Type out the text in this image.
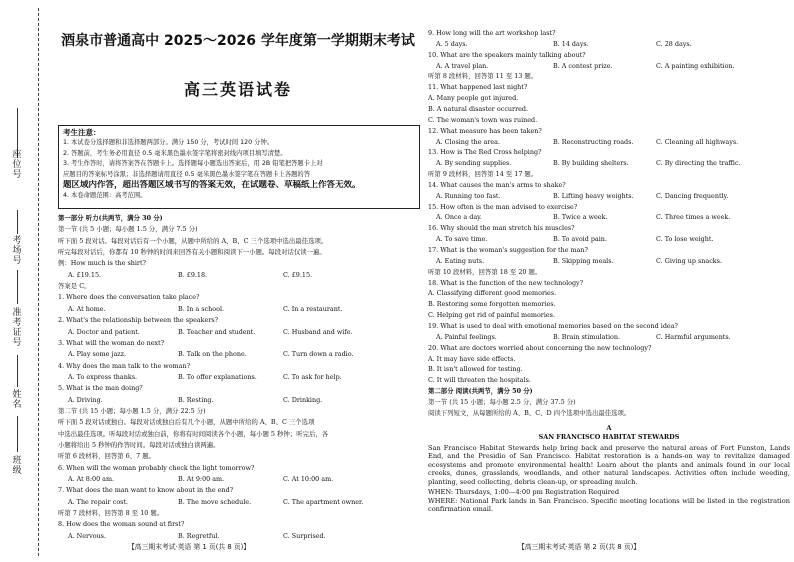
座位号
考场号
准考证号
姓名
班级
酒泉市普通高中 2025～2026 学年度第一学期期末考试
高三英语试卷
考生注意：
1. 本试卷分选择题和非选择题两部分。满分 150 分，考试时间 120 分钟。
2. 答题前，考生务必用直径 0.5 毫米黑色墨水签字笔将密封线内项目填写清楚。
3. 考生作答时，请将答案答在答题卡上。选择题每小题选出答案后，用 2B 铅笔把答题卡上对
应题目的答案标号涂黑；非选择题请用直径 0.5 毫米黑色墨水签字笔在答题卡上各题的答
题区域内作答，超出答题区域书写的答案无效，在试题卷、草稿纸上作答无效。
4. 本卷命题范围：高考范围。
第一部分 听力(共两节，满分 30 分)
第一节 (共 5 小题；每小题 1.5 分，满分 7.5 分)
听下面 5 段对话。每段对话后有一个小题，从题中所给的 A、B、C 三个选项中选出最佳选项。
听完每段对话后，你都有 10 秒钟的时间来回答有关小题和阅读下一小题。每段对话仅读一遍。
例：How much is the shirt?
A. £19.15.	B. £9.18.	C. £9.15.
答案是 C。
1. Where does the conversation take place?
A. At home.	B. In a school.	C. In a restaurant.
2. What's the relationship between the speakers?
A. Doctor and patient.	B. Teacher and student.	C. Husband and wife.
3. What will the woman do next?
A. Play some jazz.	B. Talk on the phone.	C. Turn down a radio.
4. Why does the man talk to the woman?
A. To express thanks.	B. To offer explanations.	C. To ask for help.
5. What is the man doing?
A. Driving.	B. Resting.	C. Drinking.
第二节 (共 15 小题；每小题 1.5 分，满分 22.5 分)
听下面 5 段对话或独白。每段对话或独白后有几个小题，从题中所给的 A、B、C 三个选项
中选出最佳选项。听每段对话或独白前，你将有时间阅读各个小题，每小题 5 秒钟；听完后，各
小题将给出 5 秒钟的作答时间。每段对话或独白读两遍。
听第 6 段材料，回答第 6、7 题。
6. When will the woman probably check the light tomorrow?
A. At 8:00 am.	B. At 9:00 am.	C. At 10:00 am.
7. What does the man want to know about in the end?
A. The repair cost.	B. The move schedule.	C. The apartment owner.
听第 7 段材料，回答第 8 至 10 题。
8. How does the woman sound at first?
A. Nervous.	B. Regretful.	C. Surprised.
【高三期末考试·英语 第 1 页(共 8 页)】
9. How long will the art workshop last?
A. 5 days.	B. 14 days.	C. 28 days.
10. What are the speakers mainly talking about?
A. A travel plan.	B. A contest prize.	C. A painting exhibition.
听第 8 段材料，回答第 11 至 13 题。
11. What happened last night?
A. Many people got injured.
B. A natural disaster occurred.
C. The woman's town was ruined.
12. What measure has been taken?
A. Closing the area.	B. Reconstructing roads.	C. Cleaning all highways.
13. How is The Red Cross helping?
A. By sending supplies.	B. By building shelters.	C. By directing the traffic.
听第 9 段材料，回答第 14 至 17 题。
14. What causes the man's arms to shake?
A. Running too fast.	B. Lifting heavy weights.	C. Dancing frequently.
15. How often is the man advised to exercise?
A. Once a day.	B. Twice a week.	C. Three times a week.
16. Why should the man stretch his muscles?
A. To save time.	B. To avoid pain.	C. To lose weight.
17. What is the woman's suggestion for the man?
A. Eating nuts.	B. Skipping meals.	C. Giving up snacks.
听第 10 段材料，回答第 18 至 20 题。
18. What is the function of the new technology?
A. Classifying different good memories.
B. Restoring some forgotten memories.
C. Helping get rid of painful memories.
19. What is used to deal with emotional memories based on the second idea?
A. Painful feelings.	B. Brain stimulation.	C. Harmful arguments.
20. What are doctors worried about concerning the new technology?
A. It may have side effects.
B. It isn't allowed for testing.
C. It will threaten the hospitals.
第二部分 阅读(共两节，满分 50 分)
第一节 (共 15 小题；每小题 2.5 分，满分 37.5 分)
阅读下列短文，从每题所给的 A、B、C、D 四个选项中选出最佳选项。
A
SAN FRANCISCO HABITAT STEWARDS
San Francisco Habitat Stewards help bring back and preserve the natural areas of Fort Funston, Lands End, and the Presidio of San Francisco. Habitat restoration is a hands-on way to revitalize damaged ecosystems and promote environmental health! Learn about the plants and animals found in our local creeks, dunes, grasslands, woodlands, and other natural landscapes. Activities often include weeding, planting, seed collecting, debris clean-up, or spreading mulch.
WHEN: Thursdays, 1:00—4:00 pm Registration Required
WHERE: National Park lands in San Francisco. Specific meeting locations will be listed in the registration confirmation email.
【高三期末考试·英语 第 2 页(共 8 页)】
